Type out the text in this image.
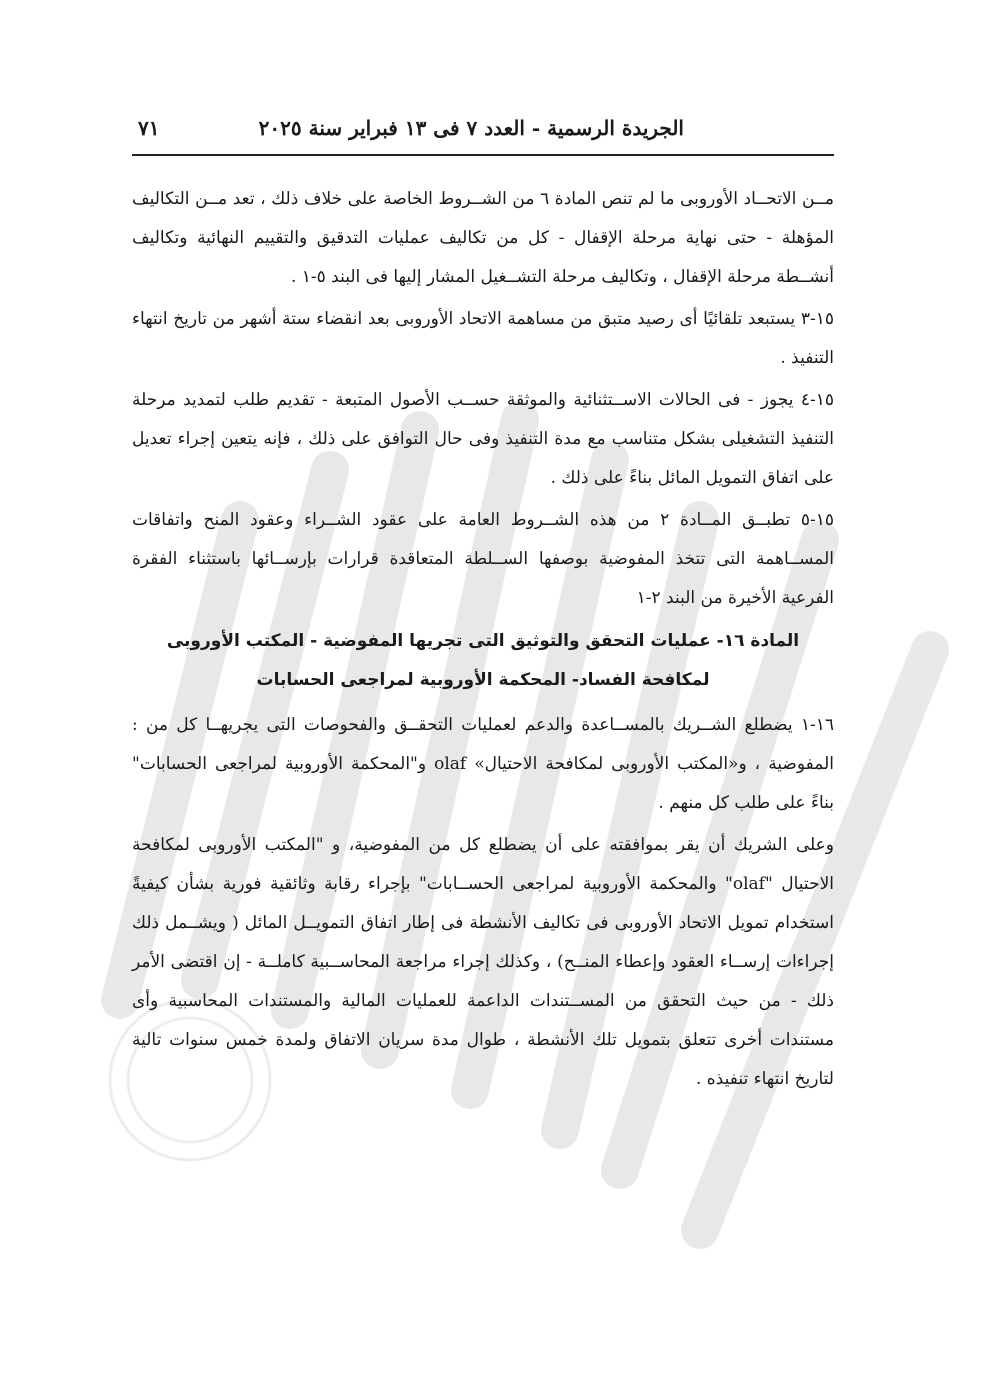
الجريدة الرسمية - العدد ٧ فى ١٣ فبراير سنة ٢٠٢٥
٧١

مــن الاتحــاد الأوروبى ما لم تنص المادة ٦ من الشــروط الخاصة على خلاف ذلك ، تعد مــن التكاليف المؤهلة - حتى نهاية مرحلة الإقفال - كل من تكاليف عمليات التدقيق والتقييم النهائية وتكاليف أنشــطة مرحلة الإقفال ، وتكاليف مرحلة التشــغيل المشار إليها فى البند ٥-١ .

١٥-٣ يستبعد تلقائيًا أى رصيد متبق من مساهمة الاتحاد الأوروبى بعد انقضاء ستة أشهر من تاريخ انتهاء التنفيذ .

١٥-٤ يجوز - فى الحالات الاســتثنائية والموثقة حســب الأصول المتبعة - تقديم طلب لتمديد مرحلة التنفيذ التشغيلى بشكل متناسب مع مدة التنفيذ وفى حال التوافق على ذلك ، فإنه يتعين إجراء تعديل على اتفاق التمويل المائل بناءً على ذلك .

١٥-٥ تطبــق المــادة ٢ من هذه الشــروط العامة على عقود الشــراء وعقود المنح واتفاقات المســاهمة التى تتخذ المفوضية بوصفها الســلطة المتعاقدة قرارات بإرســائها باستثناء الفقرة الفرعية الأخيرة من البند ٢-١

المادة ١٦- عمليات التحقق والتوثيق التى تجريها المفوضية - المكتب الأوروبى
لمكافحة الفساد- المحكمة الأوروبية لمراجعى الحسابات

١٦-١ يضطلع الشــريك بالمســاعدة والدعم لعمليات التحقــق والفحوصات التى يجريهــا كل من : المفوضية ، و«المكتب الأوروبى لمكافحة الاحتيال» olaf و"المحكمة الأوروبية لمراجعى الحسابات" بناءً على طلب كل منهم .

وعلى الشريك أن يقر بموافقته على أن يضطلع كل من المفوضية، و "المكتب الأوروبى لمكافحة الاحتيال "olaf" والمحكمة الأوروبية لمراجعى الحســابات" بإجراء رقابة وثائقية فورية بشأن كيفيةً استخدام تمويل الاتحاد الأوروبى فى تكاليف الأنشطة فى إطار اتفاق التمويــل المائل ( ويشــمل ذلك إجراءات إرســاء العقود وإعطاء المنــح) ، وكذلك إجراء مراجعة المحاســبية كاملــة - إن اقتضى الأمر ذلك - من حيث التحقق من المســتندات الداعمة للعمليات المالية والمستندات المحاسبية وأى مستندات أخرى تتعلق بتمويل تلك الأنشطة ، طوال مدة سريان الاتفاق ولمدة خمس سنوات تالية لتاريخ انتهاء تنفيذه .
